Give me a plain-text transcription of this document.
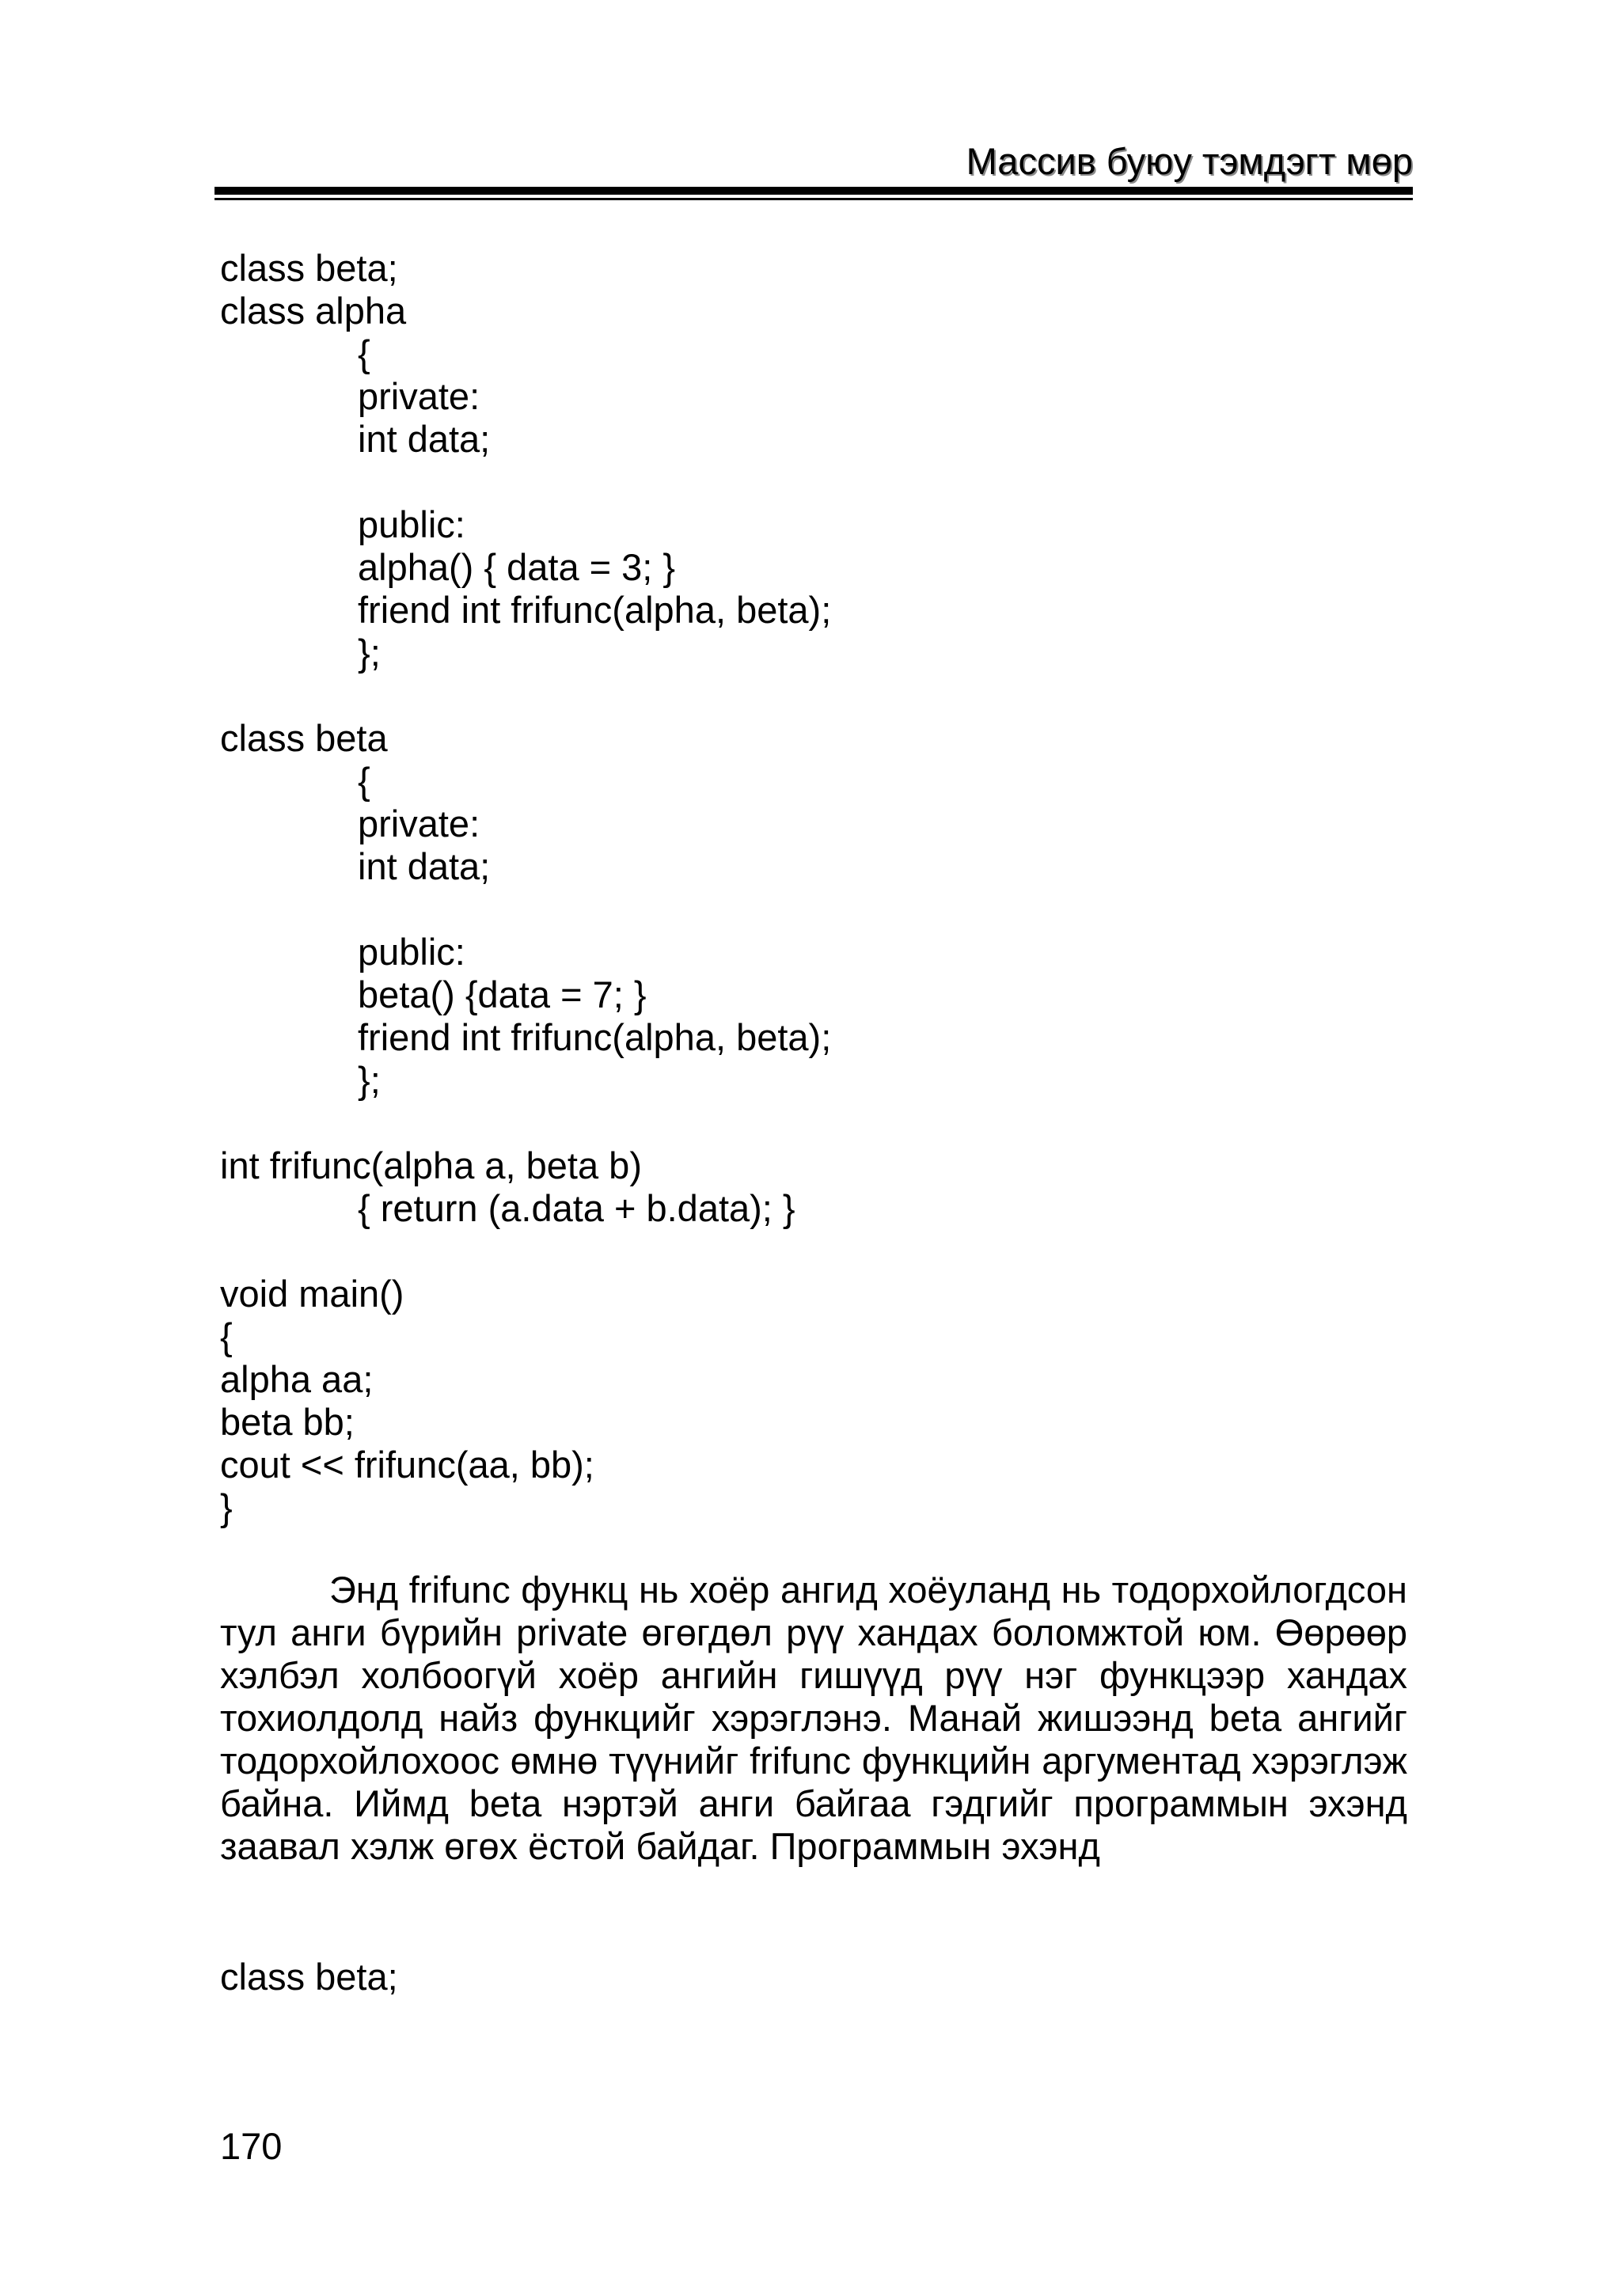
Массив буюу тэмдэгт мөр
class beta;
class alpha
{
private:
int data;
public:
alpha() { data = 3; }
friend int frifunc(alpha, beta);
};
class beta
{
private:
int data;
public:
beta() {data = 7; }
friend int frifunc(alpha, beta);
};
int frifunc(alpha a, beta b)
{ return (a.data + b.data); }
void main()
{
alpha aa;
beta bb;
cout << frifunc(aa, bb);
}

Энд frifunc функц нь хоёр ангид хоёуланд нь тодорхойлогдсон тул анги бүрийн private өгөгдөл рүү хандах боломжтой юм. Өөрөөр хэлбэл холбоогүй хоёр ангийн гишүүд рүү нэг функцээр хандах тохиолдолд найз функцийг хэрэглэнэ. Манай жишээнд beta ангийг тодорхойлохоос өмнө түүнийг frifunc функцийн аргументад хэрэглэж байна. Иймд beta нэртэй анги байгаа гэдгийг программын эхэнд заавал хэлж өгөх ёстой байдаг. Программын эхэнд

class beta;
170
